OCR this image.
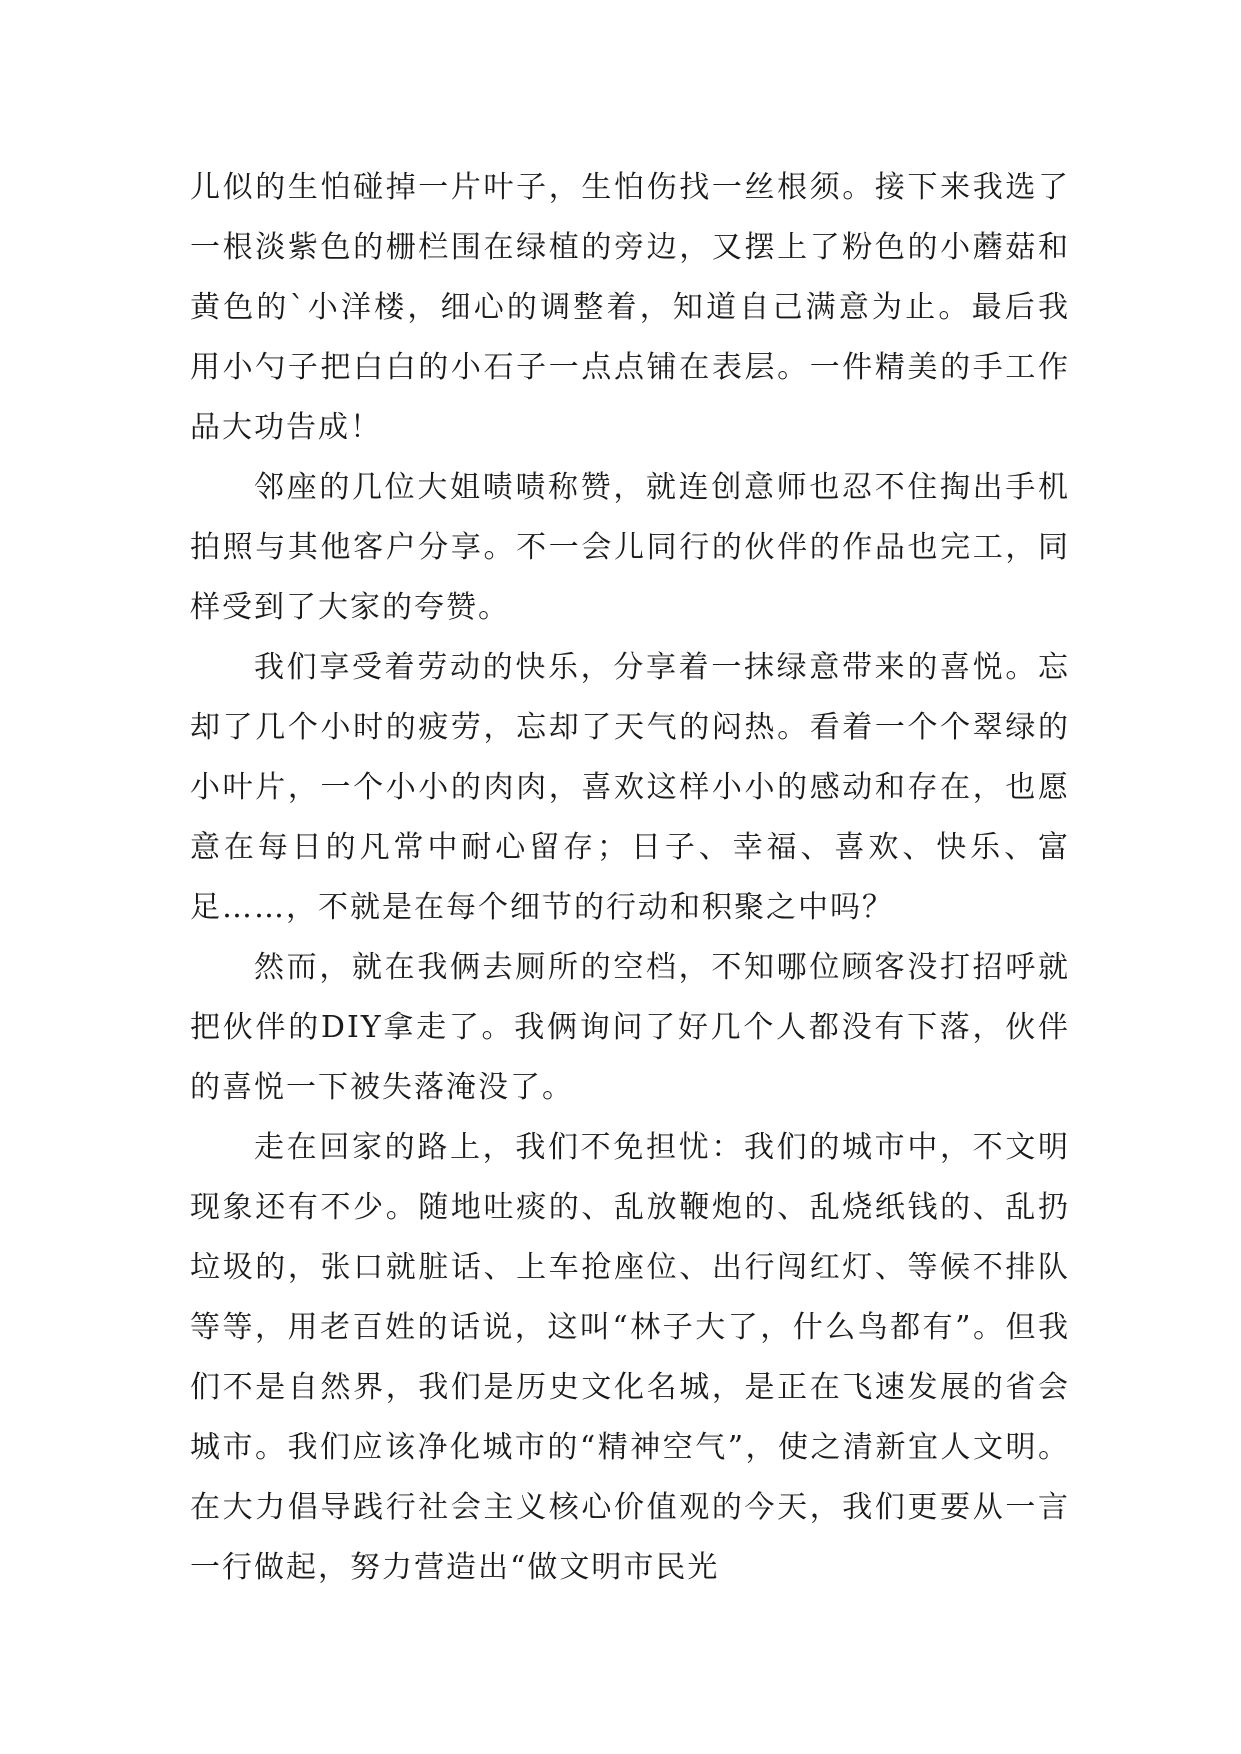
儿似的生怕碰掉一片叶子，生怕伤找一丝根须。接下来我选了一根淡紫色的栅栏围在绿植的旁边，又摆上了粉色的小蘑菇和黄色的`小洋楼，细心的调整着，知道自己满意为止。最后我用小勺子把白白的小石子一点点铺在表层。一件精美的手工作品大功告成！

邻座的几位大姐啧啧称赞，就连创意师也忍不住掏出手机拍照与其他客户分享。不一会儿同行的伙伴的作品也完工，同样受到了大家的夸赞。

我们享受着劳动的快乐，分享着一抹绿意带来的喜悦。忘却了几个小时的疲劳，忘却了天气的闷热。看着一个个翠绿的小叶片，一个小小的肉肉，喜欢这样小小的感动和存在，也愿意在每日的凡常中耐心留存；日子、幸福、喜欢、快乐、富足……，不就是在每个细节的行动和积聚之中吗？

然而，就在我俩去厕所的空档，不知哪位顾客没打招呼就把伙伴的DIY拿走了。我俩询问了好几个人都没有下落，伙伴的喜悦一下被失落淹没了。

走在回家的路上，我们不免担忧：我们的城市中，不文明现象还有不少。随地吐痰的、乱放鞭炮的、乱烧纸钱的、乱扔垃圾的，张口就脏话、上车抢座位、出行闯红灯、等候不排队等等，用老百姓的话说，这叫“林子大了，什么鸟都有”。但我们不是自然界，我们是历史文化名城，是正在飞速发展的省会城市。我们应该净化城市的“精神空气”，使之清新宜人文明。在大力倡导践行社会主义核心价值观的今天，我们更要从一言一行做起，努力营造出“做文明市民光
